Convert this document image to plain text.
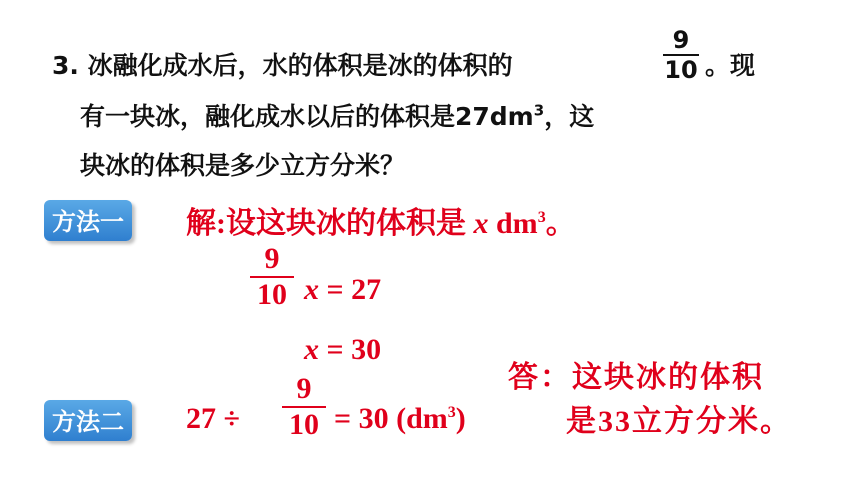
3. 冰融化成水后，水的体积是冰的体积的
9
10 。现
有一块冰，融化成水以后的体积是$27dm^3$，这
块冰的体积是多少立方分米？
方法一 解:设这块冰的体积是 x $dm^3$。
9
10 x = 27
x = 30
答：这块冰的体积
是33立方分米。
方法二 27 ÷
9
10 = 30 $(dm^3)$
